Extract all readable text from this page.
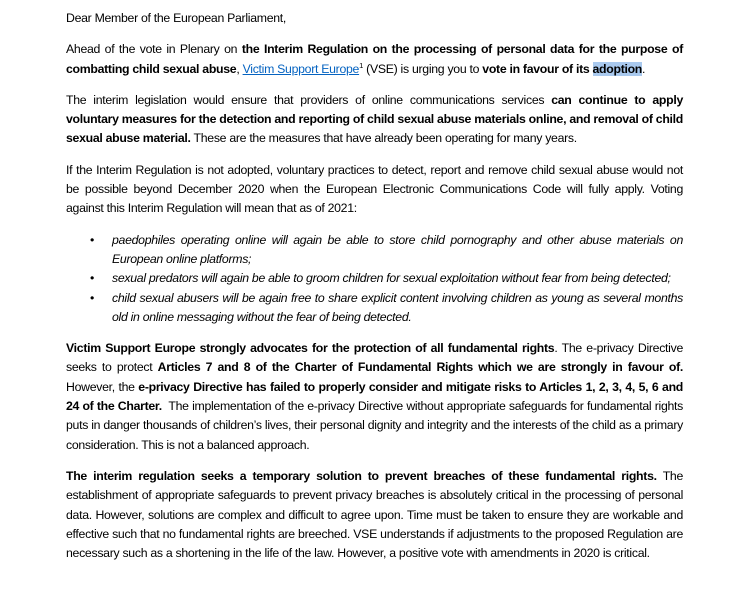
Dear Member of the European Parliament,

Ahead of the vote in Plenary on the Interim Regulation on the processing of personal data for the purpose of combatting child sexual abuse, Victim Support Europe$^1$ (VSE) is urging you to vote in favour of its adoption.

The interim legislation would ensure that providers of online communications services can continue to apply voluntary measures for the detection and reporting of child sexual abuse materials online, and removal of child sexual abuse material. These are the measures that have already been operating for many years.

If the Interim Regulation is not adopted, voluntary practices to detect, report and remove child sexual abuse would not be possible beyond December 2020 when the European Electronic Communications Code will fully apply. Voting against this Interim Regulation will mean that as of 2021:

• paedophiles operating online will again be able to store child pornography and other abuse materials on European online platforms;
• sexual predators will again be able to groom children for sexual exploitation without fear from being detected;
• child sexual abusers will be again free to share explicit content involving children as young as several months old in online messaging without the fear of being detected.

Victim Support Europe strongly advocates for the protection of all fundamental rights. The e-privacy Directive seeks to protect Articles 7 and 8 of the Charter of Fundamental Rights which we are strongly in favour of. However, the e-privacy Directive has failed to properly consider and mitigate risks to Articles 1, 2, 3, 4, 5, 6 and 24 of the Charter.  The implementation of the e-privacy Directive without appropriate safeguards for fundamental rights puts in danger thousands of children’s lives, their personal dignity and integrity and the interests of the child as a primary consideration. This is not a balanced approach.

The interim regulation seeks a temporary solution to prevent breaches of these fundamental rights. The establishment of appropriate safeguards to prevent privacy breaches is absolutely critical in the processing of personal data. However, solutions are complex and difficult to agree upon. Time must be taken to ensure they are workable and effective such that no fundamental rights are breeched. VSE understands if adjustments to the proposed Regulation are necessary such as a shortening in the life of the law. However, a positive vote with amendments in 2020 is critical.
